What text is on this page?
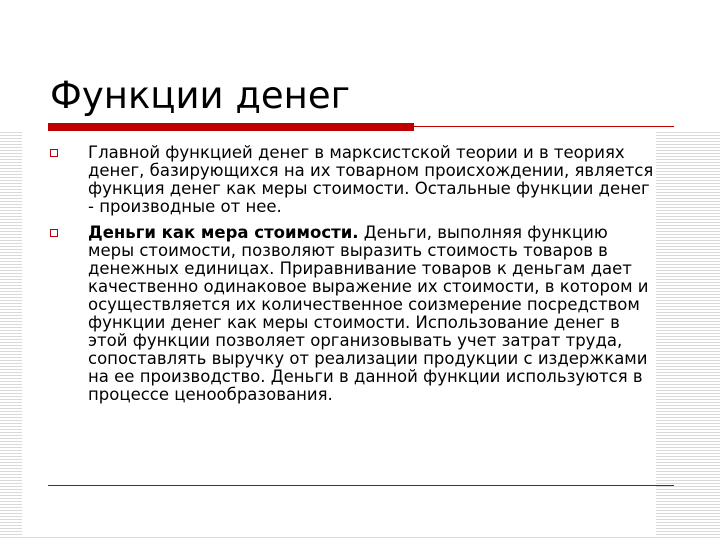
Функции денег
Главной функцией денег в марксистской теории и в теориях денег, базирующихся на их товарном происхождении, является функция денег как меры стоимости. Остальные функции денег - производные от нее.
Деньги как мера стоимости. Деньги, выполняя функцию меры стоимости, позволяют выразить стоимость товаров в денежных единицах. Приравнивание товаров к деньгам дает качественно одинаковое выражение их стоимости, в котором и осуществляется их количественное соизмерение посредством функции денег как меры стоимости. Использование денег в этой функции позволяет организовывать учет затрат труда, сопоставлять выручку от реализации продукции с издержками на ее производство. Деньги в данной функции используются в процессе ценообразования.
